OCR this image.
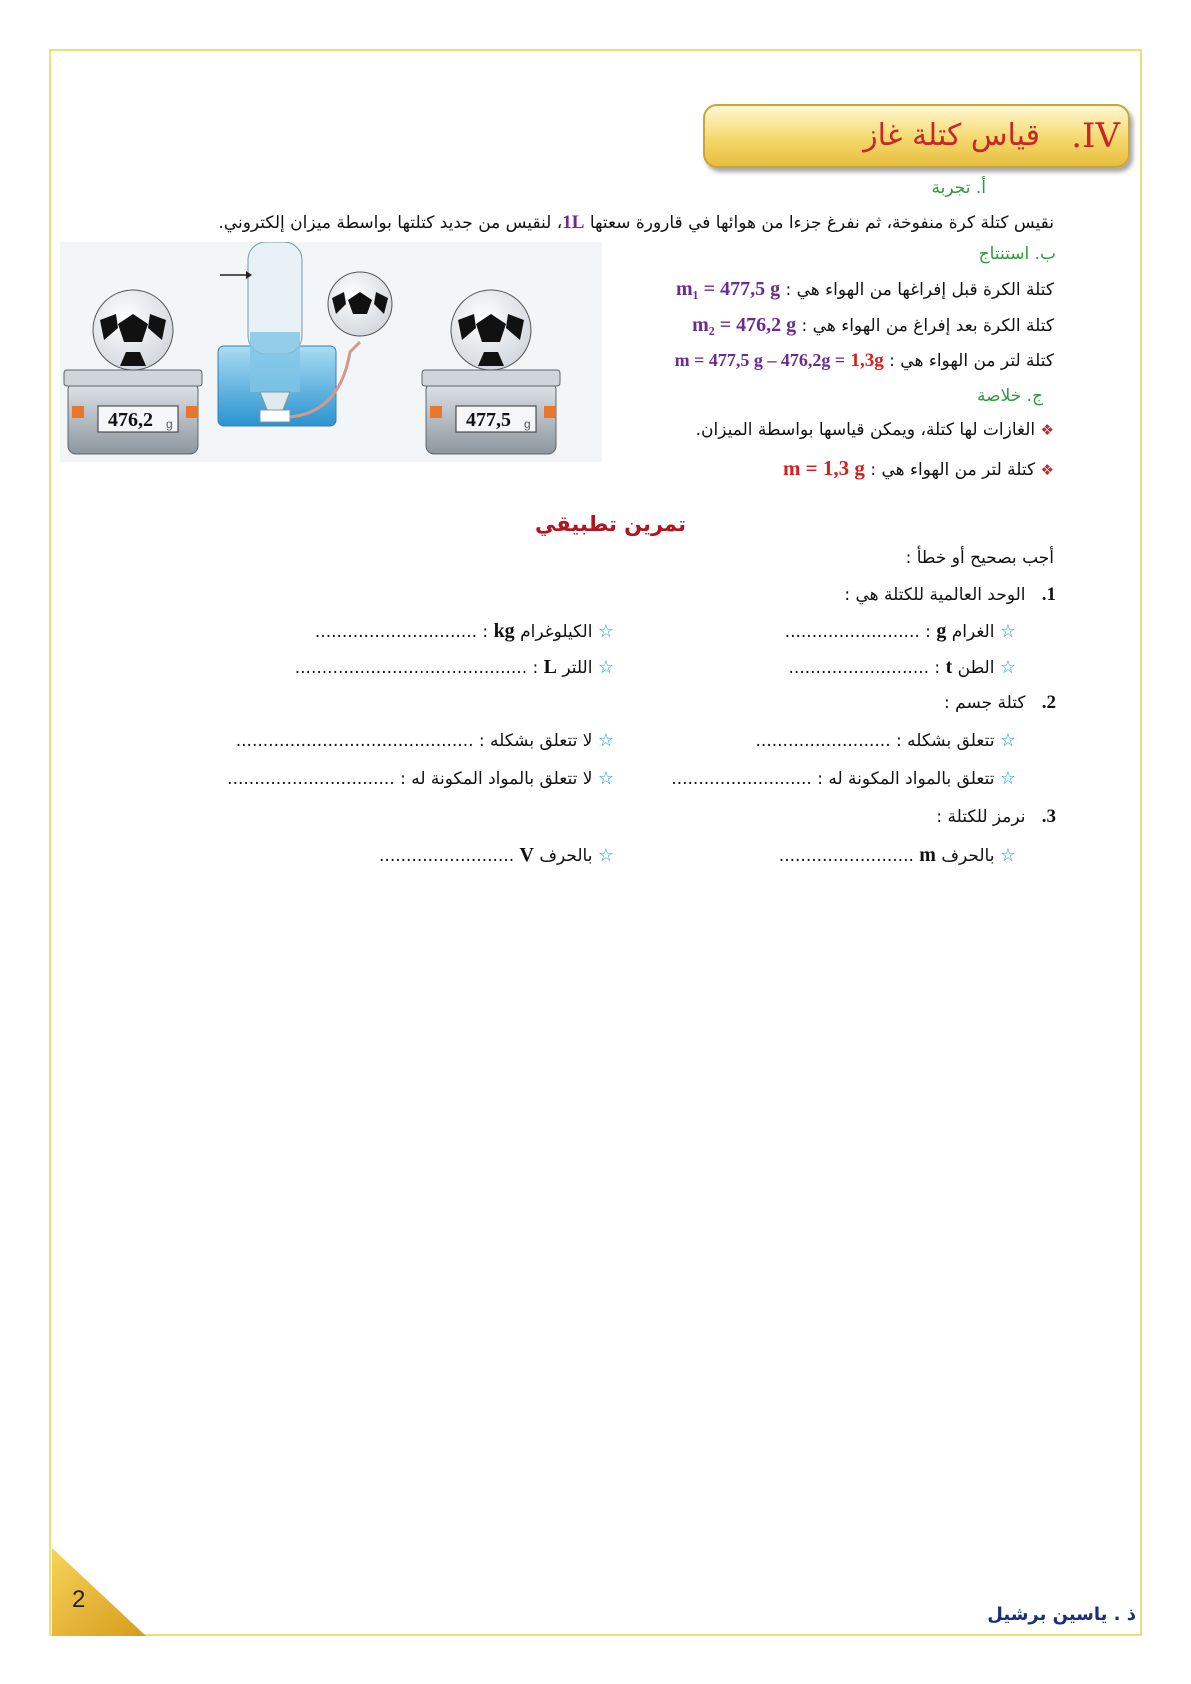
.IV
قياس كتلة غاز
أ. تجربة
نقيس كتلة كرة منفوخة، ثم نفرغ جزءا من هوائها في قارورة سعتها 1L، لنقيس من جديد كتلتها بواسطة ميزان إلكتروني.
476,2 g	477,5 g
ب. استنتاج
كتلة الكرة قبل إفراغها من الهواء هي : m₁ = 477,5 g
كتلة الكرة بعد إفراغ من الهواء هي : m₂ = 476,2 g
كتلة لتر من الهواء هي : m = 477,5 g – 476,2g = 1,3g
ج. خلاصة
❖ الغازات لها كتلة، ويمكن قياسها بواسطة الميزان.
❖ كتلة لتر من الهواء هي : m = 1,3 g
تمرين تطبيقي
أجب بصحيح أو خطأ :
1.   الوحد العالمية للكتلة هي :
☆ الغرام g : .........................
☆ الكيلوغرام kg : ..............................
☆ الطن t : ..........................
☆ اللتر L : ...........................................
2.   كتلة جسم :
☆ تتعلق بشكله : .........................
☆ لا تتعلق بشكله : ............................................
☆ تتعلق بالمواد المكونة له : ..........................
☆ لا تتعلق بالمواد المكونة له : ...............................
3.   نرمز للكتلة :
☆ بالحرف m .........................
☆ بالحرف V .........................
2
ذ . ياسين برشيل
